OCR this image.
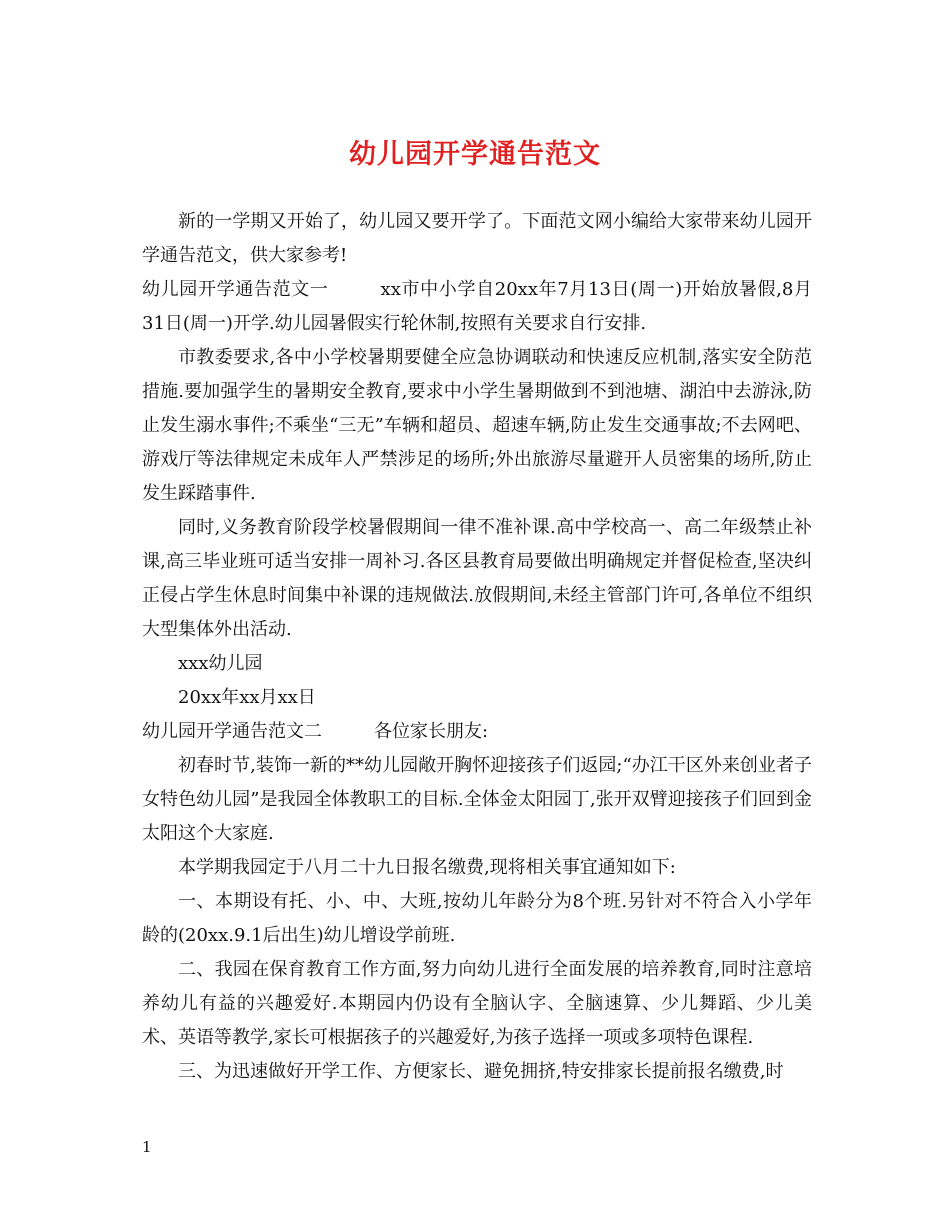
幼儿园开学通告范文

新的一学期又开始了，幼儿园又要开学了。下面范文网小编给大家带来幼儿园开学通告范文，供大家参考!

幼儿园开学通告范文一	xx市中小学自20xx年7月13日(周一)开始放暑假,8月31日(周一)开学.幼儿园暑假实行轮休制,按照有关要求自行安排.

市教委要求,各中小学校暑期要健全应急协调联动和快速反应机制,落实安全防范措施.要加强学生的暑期安全教育,要求中小学生暑期做到不到池塘、湖泊中去游泳,防止发生溺水事件;不乘坐“三无”车辆和超员、超速车辆,防止发生交通事故;不去网吧、游戏厅等法律规定未成年人严禁涉足的场所;外出旅游尽量避开人员密集的场所,防止发生踩踏事件.

同时,义务教育阶段学校暑假期间一律不准补课.高中学校高一、高二年级禁止补课,高三毕业班可适当安排一周补习.各区县教育局要做出明确规定并督促检查,坚决纠正侵占学生休息时间集中补课的违规做法.放假期间,未经主管部门许可,各单位不组织大型集体外出活动.

xxx幼儿园

20xx年xx月xx日

幼儿园开学通告范文二	各位家长朋友:

初春时节,装饰一新的**幼儿园敞开胸怀迎接孩子们返园;“办江干区外来创业者子女特色幼儿园”是我园全体教职工的目标.全体金太阳园丁,张开双臂迎接孩子们回到金太阳这个大家庭.

本学期我园定于八月二十九日报名缴费,现将相关事宜通知如下:

一、本期设有托、小、中、大班,按幼儿年龄分为8个班.另针对不符合入小学年龄的(20xx.9.1后出生)幼儿增设学前班.

二、我园在保育教育工作方面,努力向幼儿进行全面发展的培养教育,同时注意培养幼儿有益的兴趣爱好.本期园内仍设有全脑认字、全脑速算、少儿舞蹈、少儿美术、英语等教学,家长可根据孩子的兴趣爱好,为孩子选择一项或多项特色课程.

三、为迅速做好开学工作、方便家长、避免拥挤,特安排家长提前报名缴费,时

1
